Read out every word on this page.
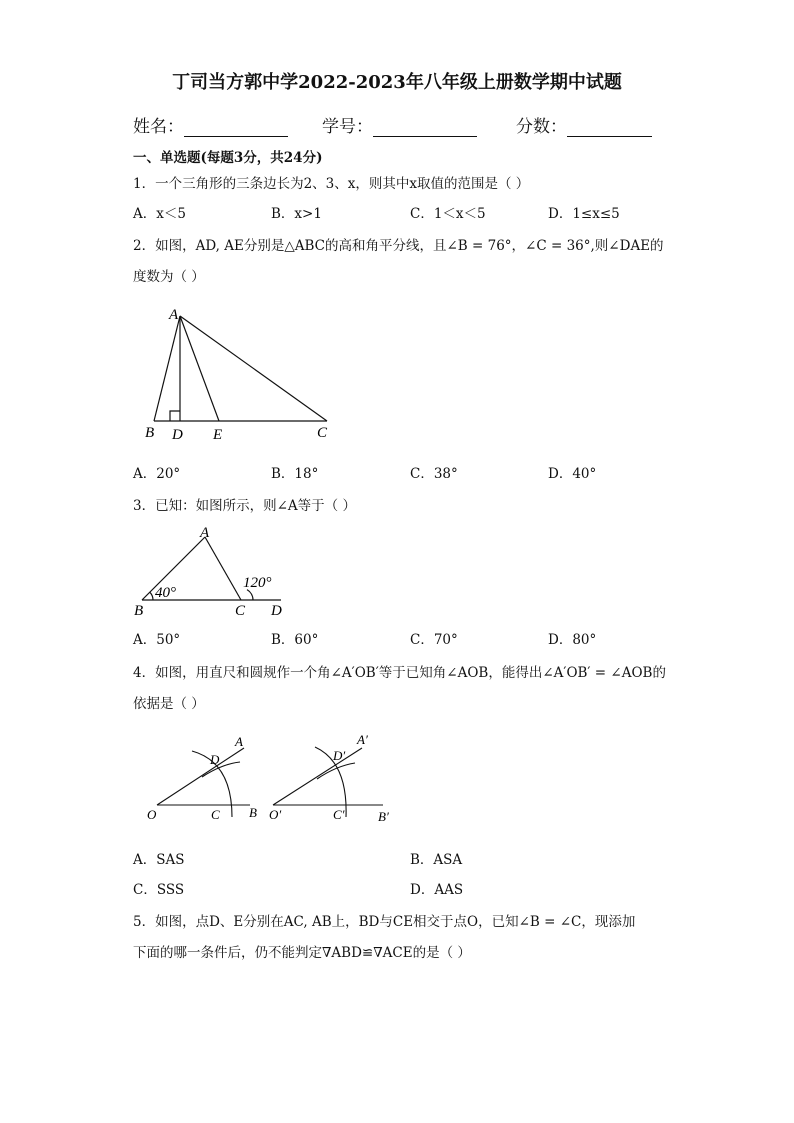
丁司当方郭中学2022-2023年八年级上册数学期中试题
姓名：	学号：	分数：
一、单选题(每题3分，共24分)
1．一个三角形的三条边长为2、3、x，则其中x取值的范围是（ ）
A．x＜5	B．x>1	C．1＜x＜5	D．1≤x≤5
2．如图，AD, AE分别是△ABC的高和角平分线，且∠B = 76°，∠C = 36°,则∠DAE的
度数为（ ）
A
B D E	C
A．20°	B．18°	C．38°	D．40°
3．已知：如图所示，则∠A等于（ ）
A
B	C D
40°
120°
A．50°	B．60°	C．70°	D．80°
4．如图，用直尺和圆规作一个角∠A′OB′等于已知角∠AOB，能得出∠A′OB′ = ∠AOB的
依据是（ ）
O	C B
D
A
O′	C′	B′
D′
A′
A．SAS	B．ASA
C．SSS	D．AAS
5．如图，点D、E分别在AC, AB上，BD与CE相交于点O，已知∠B = ∠C，现添加
下面的哪一条件后，仍不能判定∇ABD≌∇ACE的是（ ）
